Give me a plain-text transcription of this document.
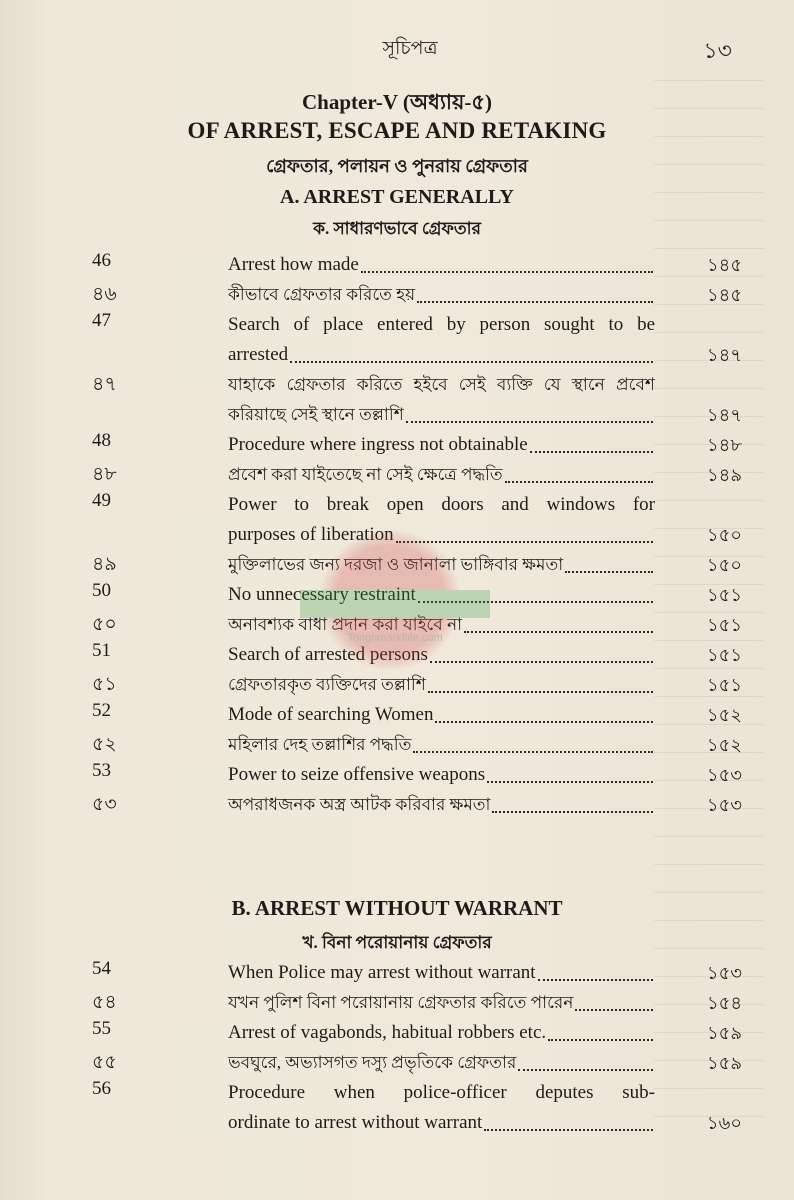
সূচিপত্র	১৩
Chapter-V (অধ্যায়-৫)
OF ARREST, ESCAPE AND RETAKING
গ্রেফতার, পলায়ন ও পুনরায় গ্রেফতার
A. ARREST GENERALLY
ক. সাধারণভাবে গ্রেফতার
46	Arrest how made	১৪৫
৪৬	কীভাবে গ্রেফতার করিতে হয়	১৪৫
47	Search of place entered by person sought to be
arrested	১৪৭
৪৭	যাহাকে গ্রেফতার করিতে হইবে সেই ব্যক্তি যে স্থানে প্রবেশ
করিয়াছে সেই স্থানে তল্লাশি	১৪৭
48	Procedure where ingress not obtainable	১৪৮
৪৮	প্রবেশ করা যাইতেছে না সেই ক্ষেত্রে পদ্ধতি	১৪৯
49	Power to break open doors and windows for
purposes of liberation	১৫০
৪৯	মুক্তিলাভের জন্য দরজা ও জানালা ভাঙ্গিবার ক্ষমতা	১৫০
50	No unnecessary restraint	১৫১
৫০	অনাবশ্যক বাধা প্রদান করা যাইবে না	১৫১
51	Search of arrested persons	১৫১
৫১	গ্রেফতারকৃত ব্যক্তিদের তল্লাশি	১৫১
52	Mode of searching Women	১৫২
৫২	মহিলার দেহ তল্লাশির পদ্ধতি	১৫২
53	Power to seize offensive weapons	১৫৩
৫৩	অপরাধজনক অস্ত্র আটক করিবার ক্ষমতা	১৫৩
B. ARREST WITHOUT WARRANT
খ. বিনা পরোয়ানায় গ্রেফতার
54	When Police may arrest without warrant	১৫৩
৫৪	যখন পুলিশ বিনা পরোয়ানায় গ্রেফতার করিতে পারেন	১৫৪
55	Arrest of vagabonds, habitual robbers etc.	১৫৯
৫৫	ভবঘুরে, অভ্যাসগত দস্যু প্রভৃতিকে গ্রেফতার	১৫৯
56	Procedure when police-officer deputes sub-
ordinate to arrest without warrant	১৬০
Tonghmarkflife.com
